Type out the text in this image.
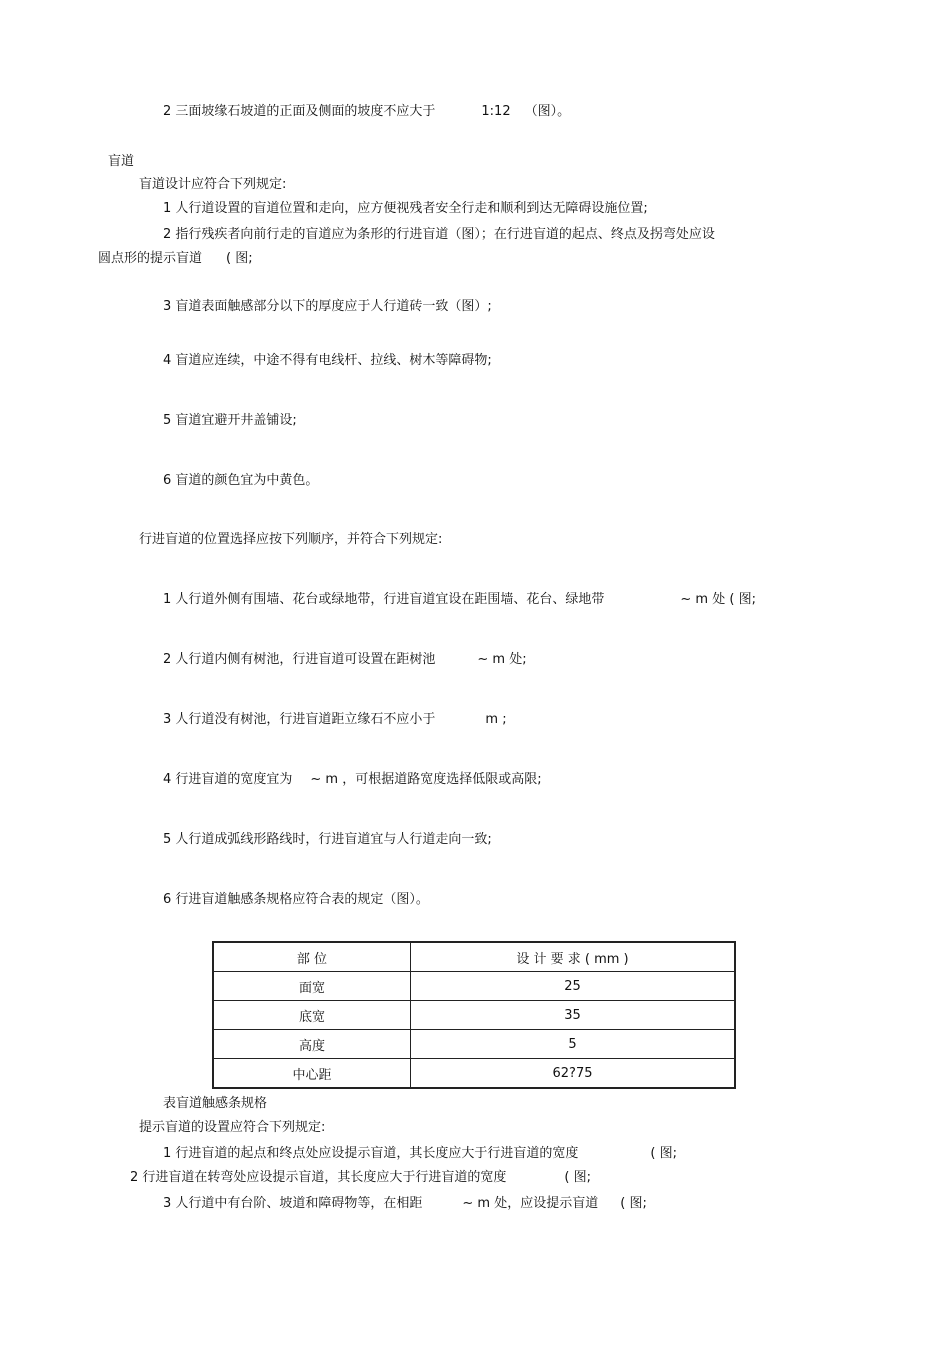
2 三面坡缘石坡道的正面及侧面的坡度不应大于	1:12 （图）。
盲道
盲道设计应符合下列规定:
1 人行道设置的盲道位置和走向，应方便视残者安全行走和顺利到达无障碍设施位置;
2 指行残疾者向前行走的盲道应为条形的行进盲道（图）；在行进盲道的起点、终点及拐弯处应设
圆点形的提示盲道 ( 图;
3 盲道表面触感部分以下的厚度应于人行道砖一致（图）;
4 盲道应连续，中途不得有电线杆、拉线、树木等障碍物;
5 盲道宜避开井盖铺设;
6 盲道的颜色宜为中黄色。
行进盲道的位置选择应按下列顺序，并符合下列规定:
1 人行道外侧有围墙、花台或绿地带，行进盲道宜设在距围墙、花台、绿地带	~ m 处 ( 图;
2 人行道内侧有树池，行进盲道可设置在距树池	~ m 处;
3 人行道没有树池，行进盲道距立缘石不应小于	m ;
4 行进盲道的宽度宜为 ~ m ，可根据道路宽度选择低限或高限;
5 人行道成弧线形路线时，行进盲道宜与人行道走向一致;
6 行进盲道触感条规格应符合表的规定（图）。
部 位	设 计 要 求 ( mm )
面宽	25
底宽	35
高度	5
中心距	62?75
表盲道触感条规格
提示盲道的设置应符合下列规定:
1 行进盲道的起点和终点处应设提示盲道，其长度应大于行进盲道的宽度	( 图;
2 行进盲道在转弯处应设提示盲道，其长度应大于行进盲道的宽度	( 图;
3 人行道中有台阶、坡道和障碍物等，在相距	~ m 处，应设提示盲道 ( 图;
